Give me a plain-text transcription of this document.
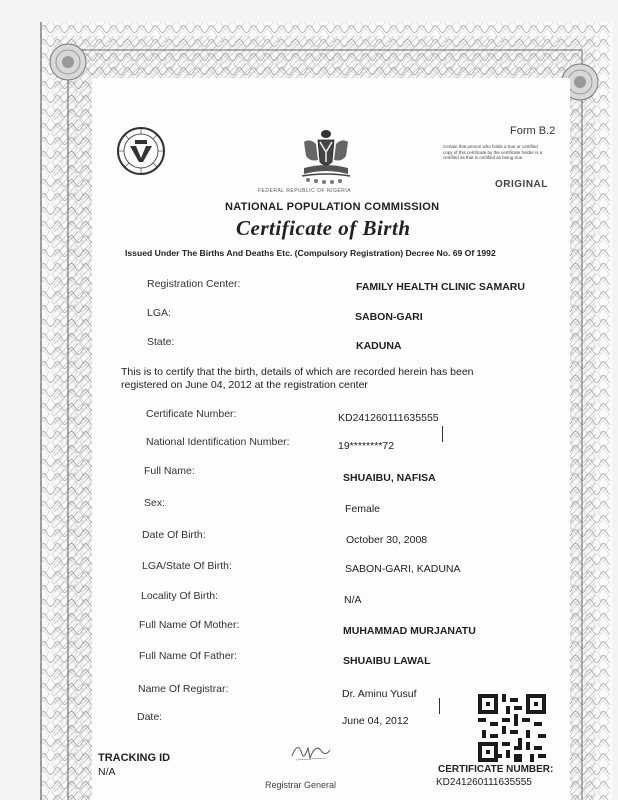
Form B.2
Certain that person who holds a true or certified copy of this certificate by the certificate holder is a certified as that is certified as being true.
ORIGINAL
FEDERAL REPUBLIC OF NIGERIA
NATIONAL POPULATION COMMISSION
Certificate of Birth
Issued Under The Births And Deaths Etc. (Compulsory Registration) Decree No. 69 Of 1992
Registration Center:	FAMILY HEALTH CLINIC SAMARU
LGA:	SABON-GARI
State:	KADUNA
This is to certify that the birth, details of which are recorded herein has been registered on June 04, 2012 at the registration center
Certificate Number:	KD241260111635555
National Identification Number:	19********72
Full Name:
SHUAIBU, NAFISA
Sex:	Female
Date Of Birth:	October 30, 2008
LGA/State Of Birth:	SABON-GARI, KADUNA
Locality Of Birth:	N/A
Full Name Of Mother:	MUHAMMAD MURJANATU
Full Name Of Father:	SHUAIBU LAWAL
Name Of Registrar:	Dr. Aminu Yusuf
Date:	June 04, 2012
TRACKING ID
N/A
Registrar General
CERTIFICATE NUMBER:
KD241260111635555
